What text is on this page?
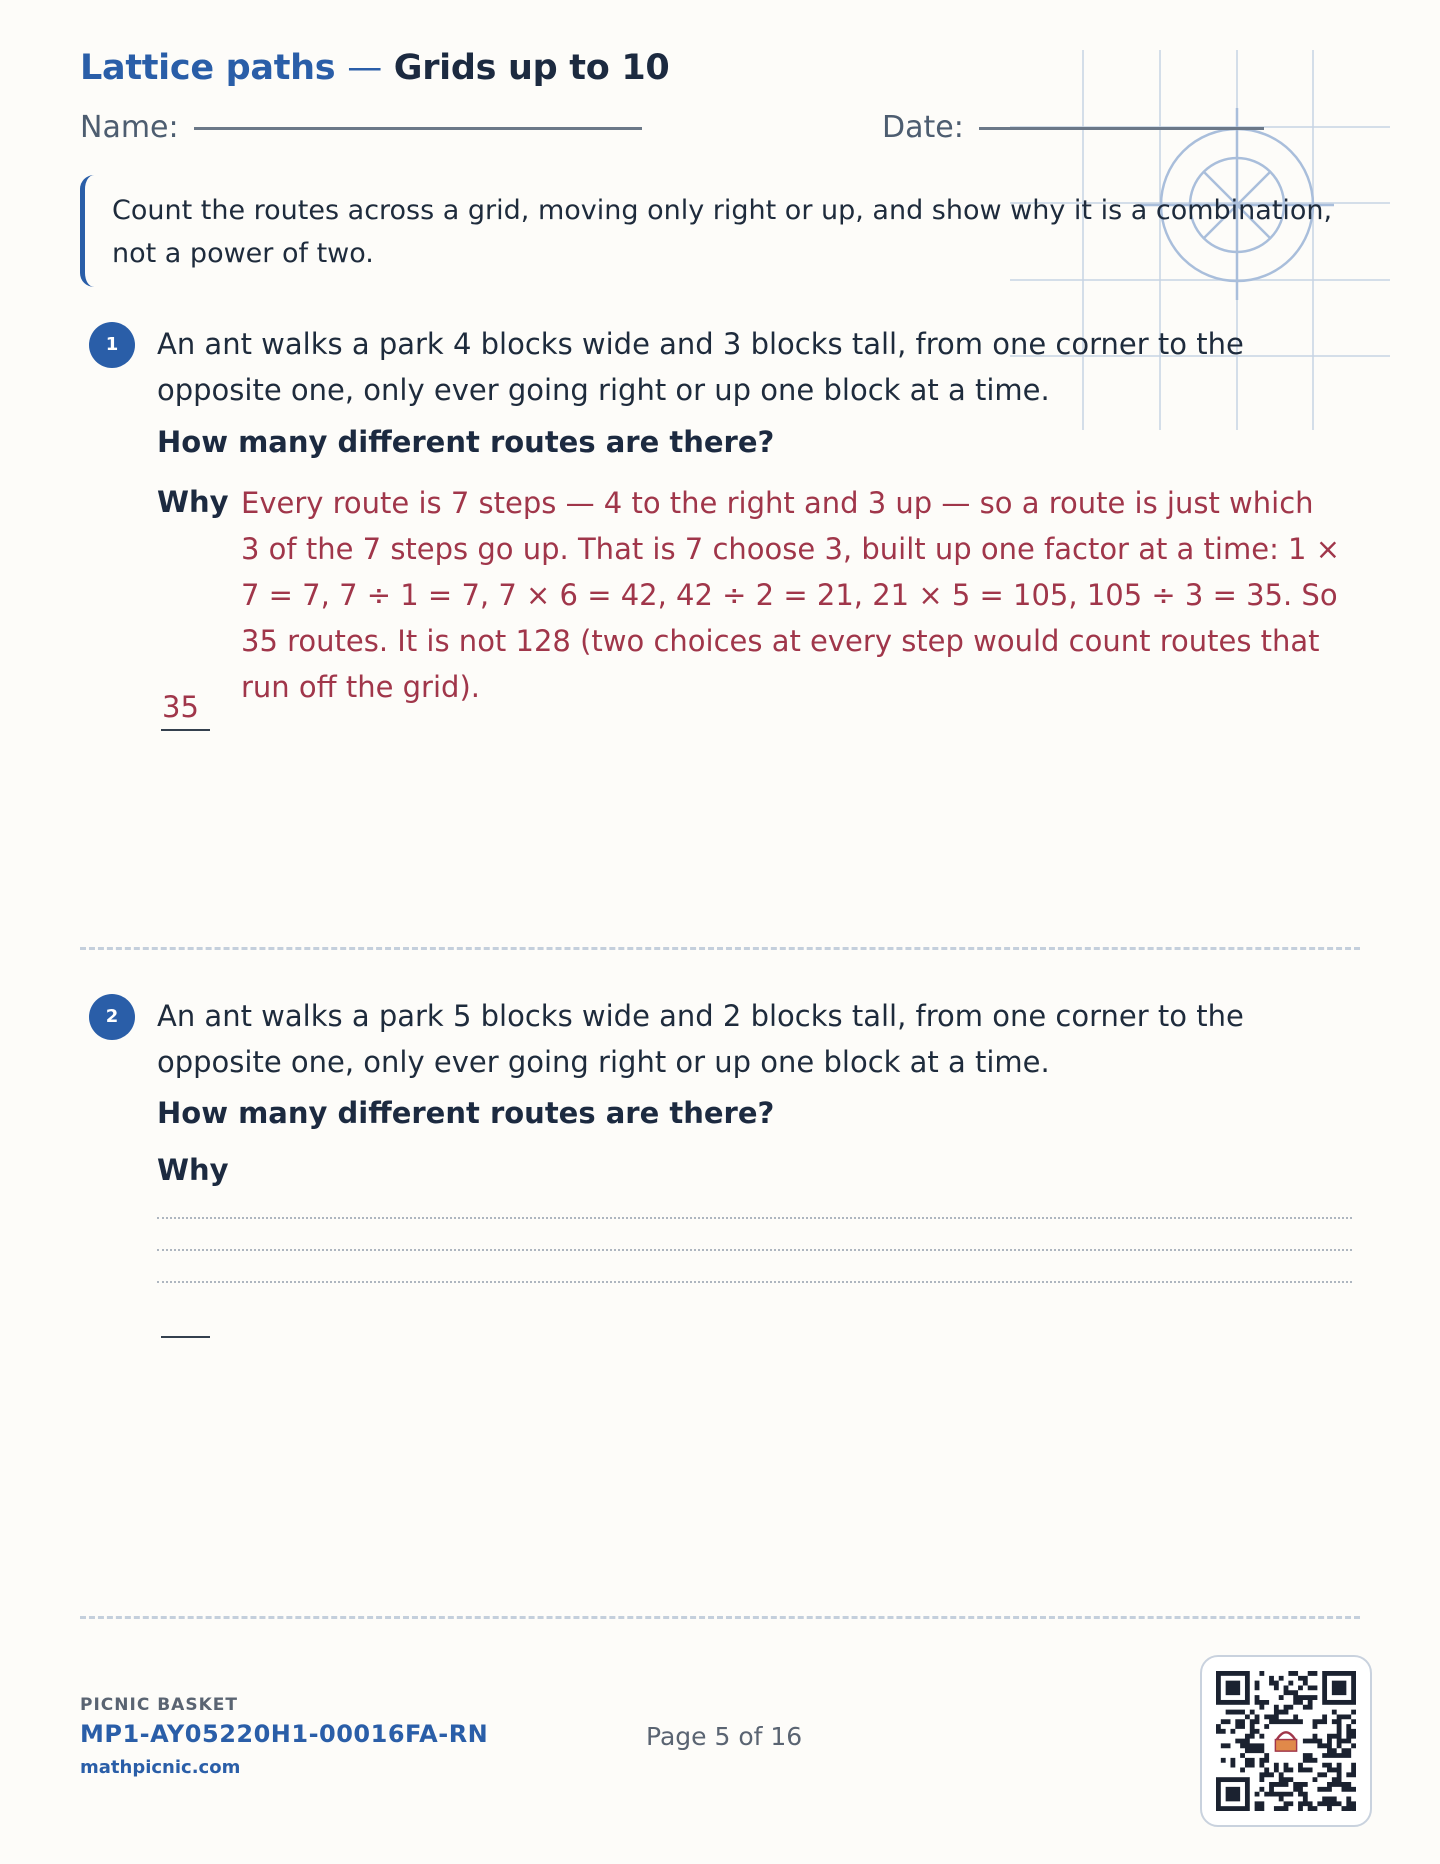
Lattice paths — Grids up to 10
Name:	Date:
Count the routes across a grid, moving only right or up, and show why it is a combination, not a power of two.
1	An ant walks a park 4 blocks wide and 3 blocks tall, from one corner to the opposite one, only ever going right or up one block at a time.
How many different routes are there?
Why Every route is 7 steps — 4 to the right and 3 up — so a route is just which 3 of the 7 steps go up. That is 7 choose 3, built up one factor at a time: 1 × 7 = 7, 7 ÷ 1 = 7, 7 × 6 = 42, 42 ÷ 2 = 21, 21 × 5 = 105, 105 ÷ 3 = 35. So 35 routes. It is not 128 (two choices at every step would count routes that run off the grid).
35
2	An ant walks a park 5 blocks wide and 2 blocks tall, from one corner to the opposite one, only ever going right or up one block at a time.
How many different routes are there?
Why
PICNIC BASKET
MP1-AY05220H1-00016FA-RN
mathpicnic.com
Page 5 of 16
